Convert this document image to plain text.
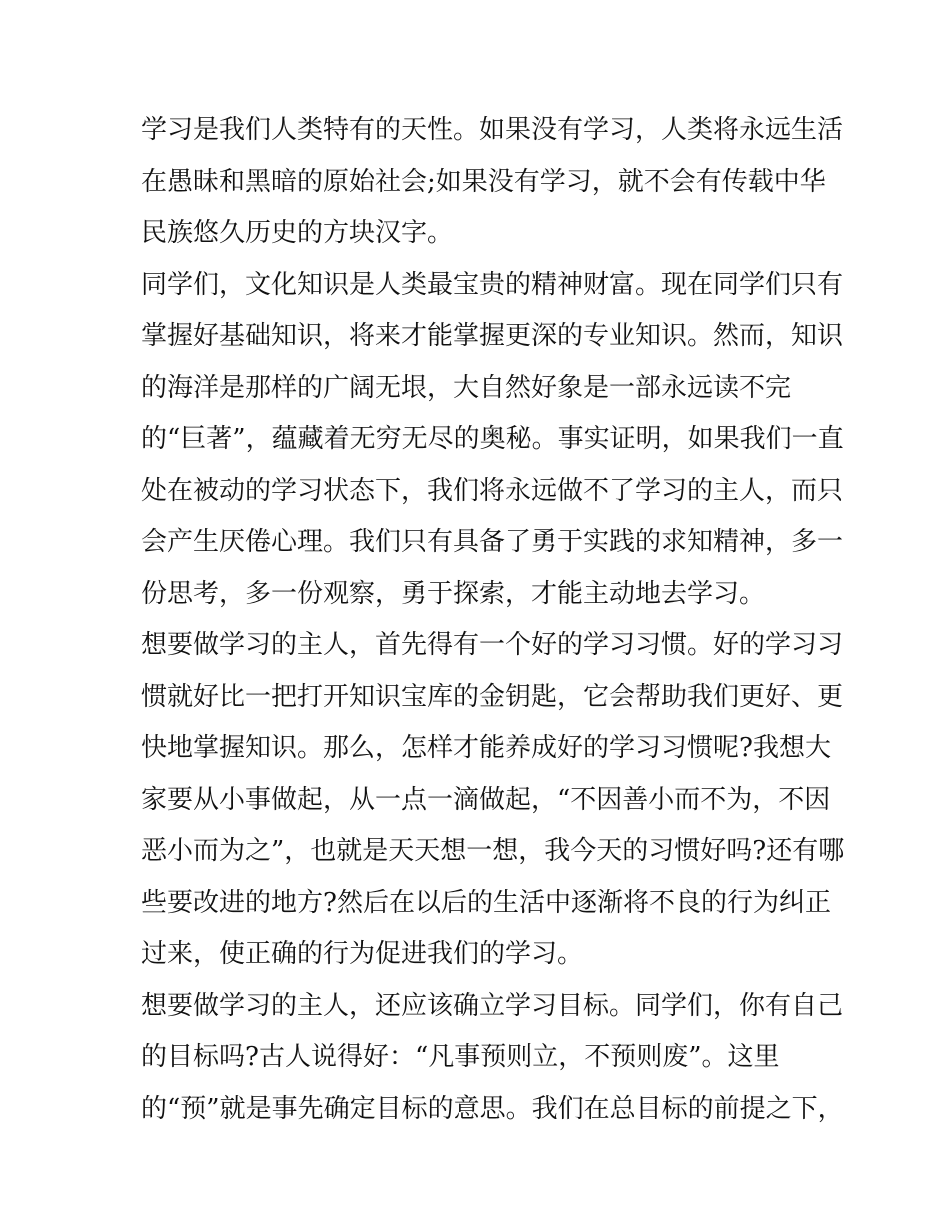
学习是我们人类特有的天性。如果没有学习，人类将永远生活
在愚昧和黑暗的原始社会;如果没有学习，就不会有传载中华
民族悠久历史的方块汉字。
同学们，文化知识是人类最宝贵的精神财富。现在同学们只有
掌握好基础知识，将来才能掌握更深的专业知识。然而，知识
的海洋是那样的广阔无垠，大自然好象是一部永远读不完
的“巨著”，蕴藏着无穷无尽的奥秘。事实证明，如果我们一直
处在被动的学习状态下，我们将永远做不了学习的主人，而只
会产生厌倦心理。我们只有具备了勇于实践的求知精神，多一
份思考，多一份观察，勇于探索，才能主动地去学习。
想要做学习的主人，首先得有一个好的学习习惯。好的学习习
惯就好比一把打开知识宝库的金钥匙，它会帮助我们更好、更
快地掌握知识。那么，怎样才能养成好的学习习惯呢?我想大
家要从小事做起，从一点一滴做起，“不因善小而不为，不因
恶小而为之”，也就是天天想一想，我今天的习惯好吗?还有哪
些要改进的地方?然后在以后的生活中逐渐将不良的行为纠正
过来，使正确的行为促进我们的学习。
想要做学习的主人，还应该确立学习目标。同学们，你有自己
的目标吗?古人说得好：“凡事预则立，不预则废”。这里
的“预”就是事先确定目标的意思。我们在总目标的前提之下，
